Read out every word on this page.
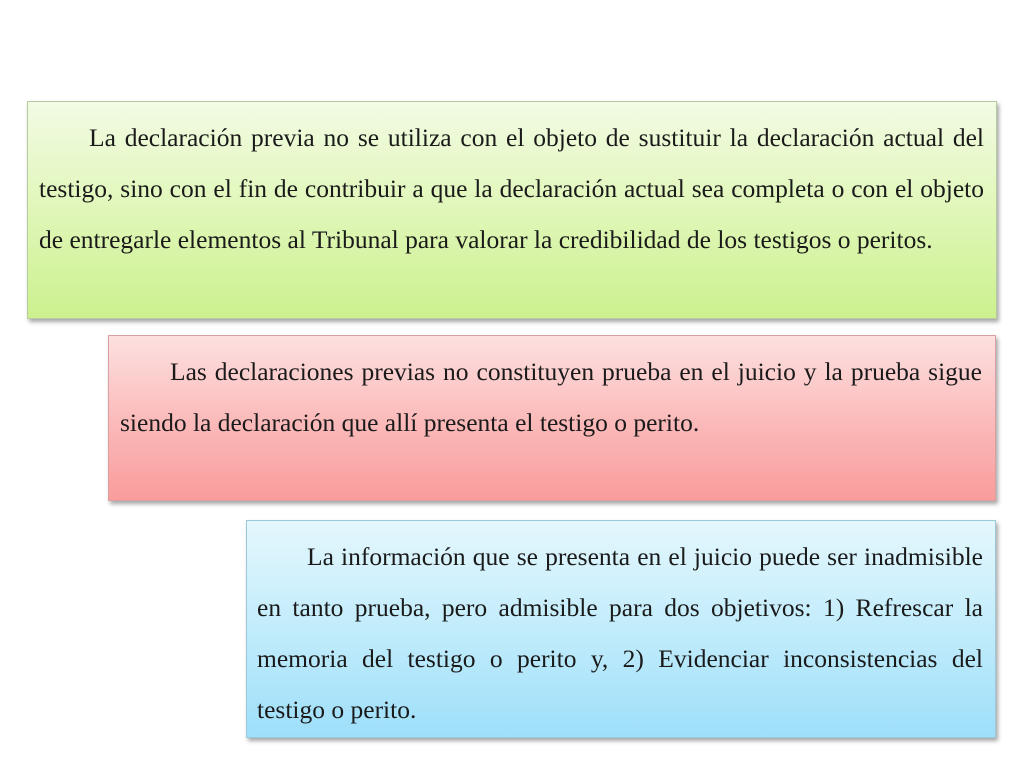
La declaración previa no se utiliza con el objeto de sustituir la declaración actual del testigo, sino con el fin de contribuir a que la declaración actual sea completa o con el objeto de entregarle elementos al Tribunal para valorar la credibilidad de los testigos o peritos.

Las declaraciones previas no constituyen prueba en el juicio y la prueba sigue siendo la declaración que allí presenta el testigo o perito.

La información que se presenta en el juicio puede ser inadmisible en tanto prueba, pero admisible para dos objetivos: 1) Refrescar la memoria del testigo o perito y, 2) Evidenciar inconsistencias del testigo o perito.
